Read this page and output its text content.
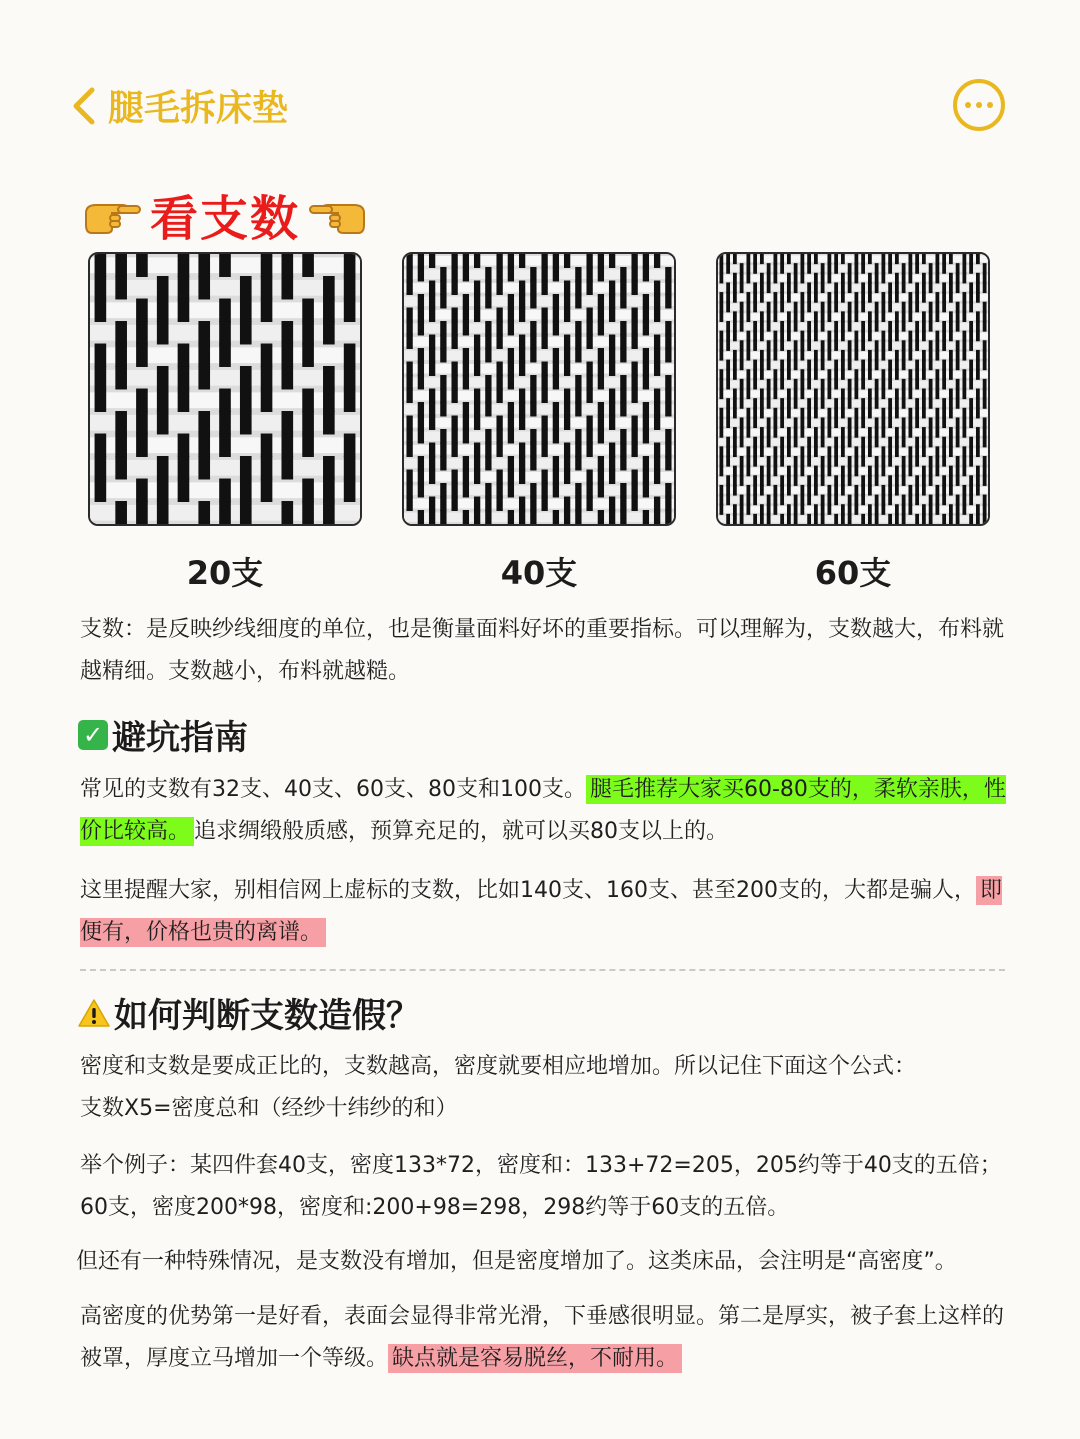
腿毛拆床垫
看支数
20支	40支	60支
支数：是反映纱线细度的单位，也是衡量面料好坏的重要指标。可以理解为，支数越大，布料就越精细。支数越小，布料就越糙。
✓ 避坑指南
常见的支数有32支、40支、60支、80支和100支。 腿毛推荐大家买60-80支的，柔软亲肤，性价比较高。 追求绸缎般质感，预算充足的，就可以买80支以上的。
这里提醒大家，别相信网上虚标的支数，比如140支、160支、甚至200支的，大都是骗人， 即便有，价格也贵的离谱。
如何判断支数造假？
密度和支数是要成正比的，支数越高，密度就要相应地增加。所以记住下面这个公式：
支数X5=密度总和（经纱十纬纱的和）
举个例子：某四件套40支，密度133*72，密度和：133+72=205，205约等于40支的五倍；60支，密度200*98，密度和:200+98=298，298约等于60支的五倍。
但还有一种特殊情况，是支数没有增加，但是密度增加了。这类床品，会注明是“高密度”。
高密度的优势第一是好看，表面会显得非常光滑，下垂感很明显。第二是厚实，被子套上这样的被罩，厚度立马增加一个等级。 缺点就是容易脱丝，不耐用。
